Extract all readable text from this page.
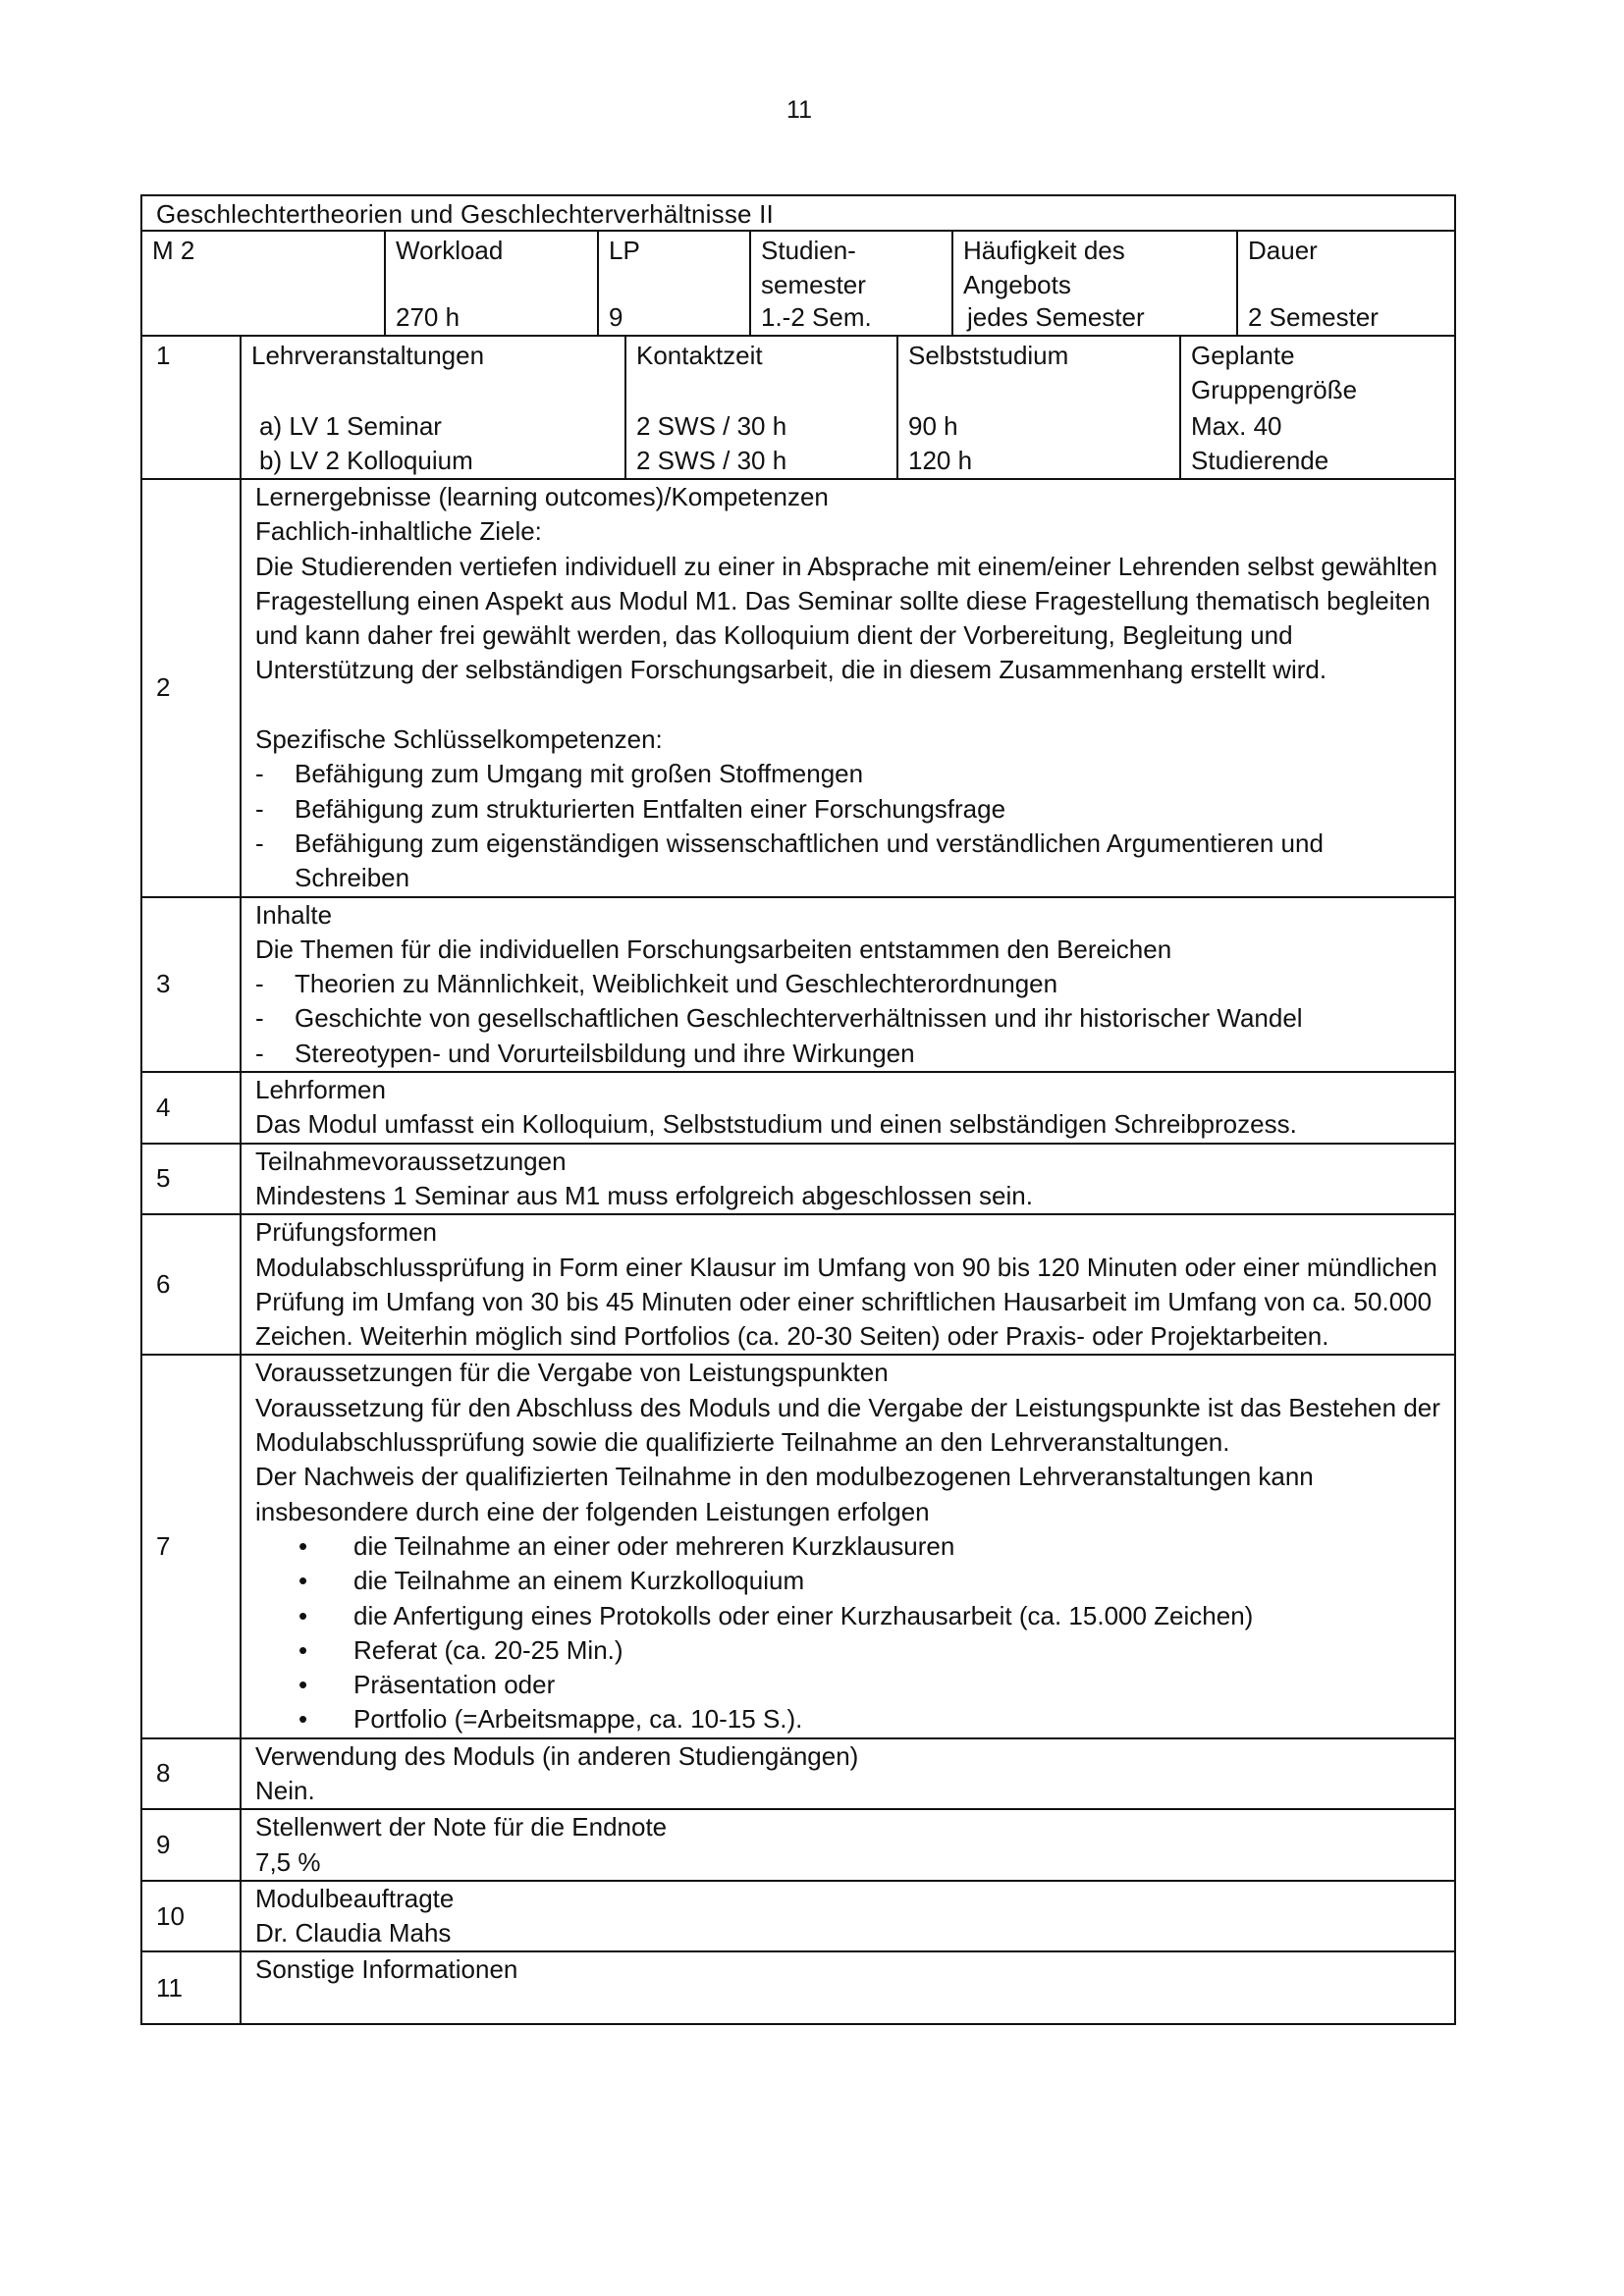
11
Geschlechtertheorien und Geschlechterverhältnisse II
M 2	Workload
270 h
LP
9
Studien-
semester
1.-2 Sem.
Häufigkeit des
Angebots
jedes Semester
Dauer
2 Semester
1	Lehrveranstaltungen
a) LV 1 Seminar
b) LV 2 Kolloquium
Kontaktzeit
2 SWS / 30 h
2 SWS / 30 h
Selbststudium
90 h
120 h
Geplante
Gruppengröße
Max. 40
Studierende
2

Lernergebnisse (learning outcomes)/Kompetenzen

Fachlich-inhaltliche Ziele:

Die Studierenden vertiefen individuell zu einer in Absprache mit einem/einer Lehrenden selbst gewählten Fragestellung einen Aspekt aus Modul M1. Das Seminar sollte diese Fragestellung thematisch begleiten und kann daher frei gewählt werden, das Kolloquium dient der Vorbereitung, Begleitung und Unterstützung der selbständigen Forschungsarbeit, die in diesem Zusammenhang erstellt wird.

Spezifische Schlüsselkompetenzen:

- Befähigung zum Umgang mit großen Stoffmengen
- Befähigung zum strukturierten Entfalten einer Forschungsfrage
- Befähigung zum eigenständigen wissenschaftlichen und verständlichen Argumentieren und Schreiben
3

Inhalte

Die Themen für die individuellen Forschungsarbeiten entstammen den Bereichen

- Theorien zu Männlichkeit, Weiblichkeit und Geschlechterordnungen
- Geschichte von gesellschaftlichen Geschlechterverhältnissen und ihr historischer Wandel
- Stereotypen- und Vorurteilsbildung und ihre Wirkungen
4

Lehrformen

Das Modul umfasst ein Kolloquium, Selbststudium und einen selbständigen Schreibprozess.

5

Teilnahmevoraussetzungen

Mindestens 1 Seminar aus M1 muss erfolgreich abgeschlossen sein.

6

Prüfungsformen

Modulabschlussprüfung in Form einer Klausur im Umfang von 90 bis 120 Minuten oder einer mündlichen Prüfung im Umfang von 30 bis 45 Minuten oder einer schriftlichen Hausarbeit im Umfang von ca. 50.000 Zeichen. Weiterhin möglich sind Portfolios (ca. 20-30 Seiten) oder Praxis- oder Projektarbeiten.

7

Voraussetzungen für die Vergabe von Leistungspunkten

Voraussetzung für den Abschluss des Moduls und die Vergabe der Leistungspunkte ist das Bestehen der Modulabschlussprüfung sowie die qualifizierte Teilnahme an den Lehrveranstaltungen.

Der Nachweis der qualifizierten Teilnahme in den modulbezogenen Lehrveranstaltungen kann insbesondere durch eine der folgenden Leistungen erfolgen

• die Teilnahme an einer oder mehreren Kurzklausuren
• die Teilnahme an einem Kurzkolloquium
• die Anfertigung eines Protokolls oder einer Kurzhausarbeit (ca. 15.000 Zeichen)
• Referat (ca. 20-25 Min.)
• Präsentation oder
• Portfolio (=Arbeitsmappe, ca. 10-15 S.).
8

Verwendung des Moduls (in anderen Studiengängen)

Nein.

9

Stellenwert der Note für die Endnote

7,5 %

10

Modulbeauftragte

Dr. Claudia Mahs

11

Sonstige Informationen
